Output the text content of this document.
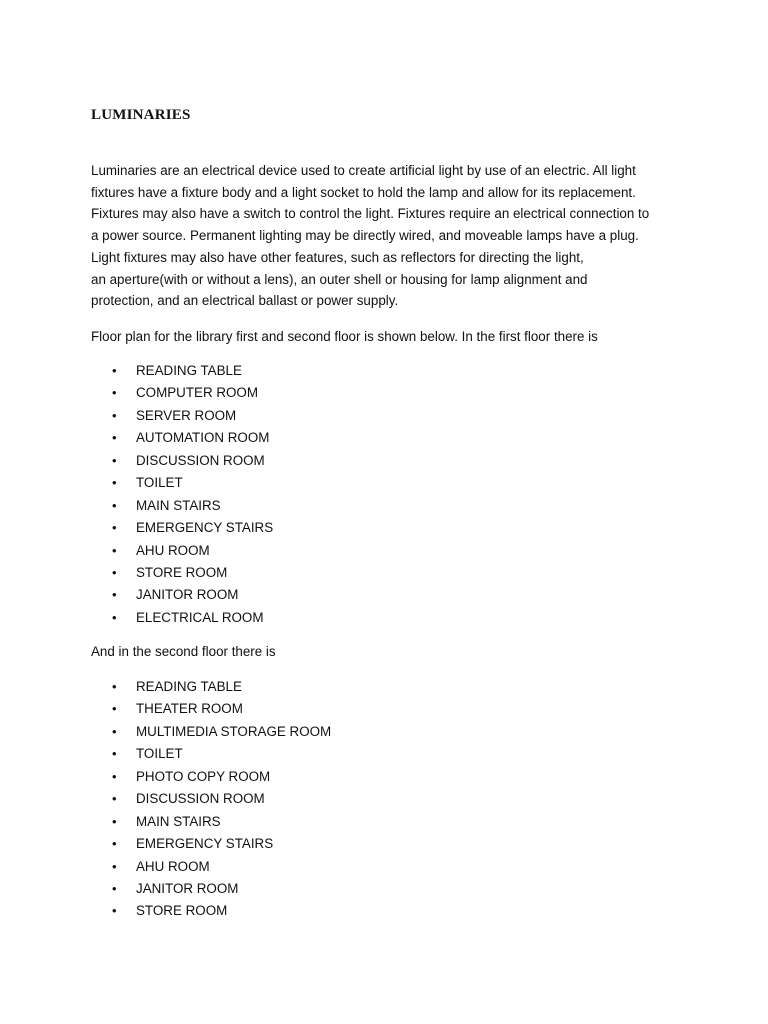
LUMINARIES

Luminaries are an electrical device used to create artificial light by use of an electric. All light
fixtures have a fixture body and a light socket to hold the lamp and allow for its replacement.
Fixtures may also have a switch to control the light. Fixtures require an electrical connection to
a power source. Permanent lighting may be directly wired, and moveable lamps have a plug.
Light fixtures may also have other features, such as reflectors for directing the light,
an aperture(with or without a lens), an outer shell or housing for lamp alignment and
protection, and an electrical ballast or power supply.

Floor plan for the library first and second floor is shown below. In the first floor there is

• READING TABLE
• COMPUTER ROOM
• SERVER ROOM
• AUTOMATION ROOM
• DISCUSSION ROOM
• TOILET
• MAIN STAIRS
• EMERGENCY STAIRS
• AHU ROOM
• STORE ROOM
• JANITOR ROOM
• ELECTRICAL ROOM

And in the second floor there is

• READING TABLE
• THEATER ROOM
• MULTIMEDIA STORAGE ROOM
• TOILET
• PHOTO COPY ROOM
• DISCUSSION ROOM
• MAIN STAIRS
• EMERGENCY STAIRS
• AHU ROOM
• JANITOR ROOM
• STORE ROOM
